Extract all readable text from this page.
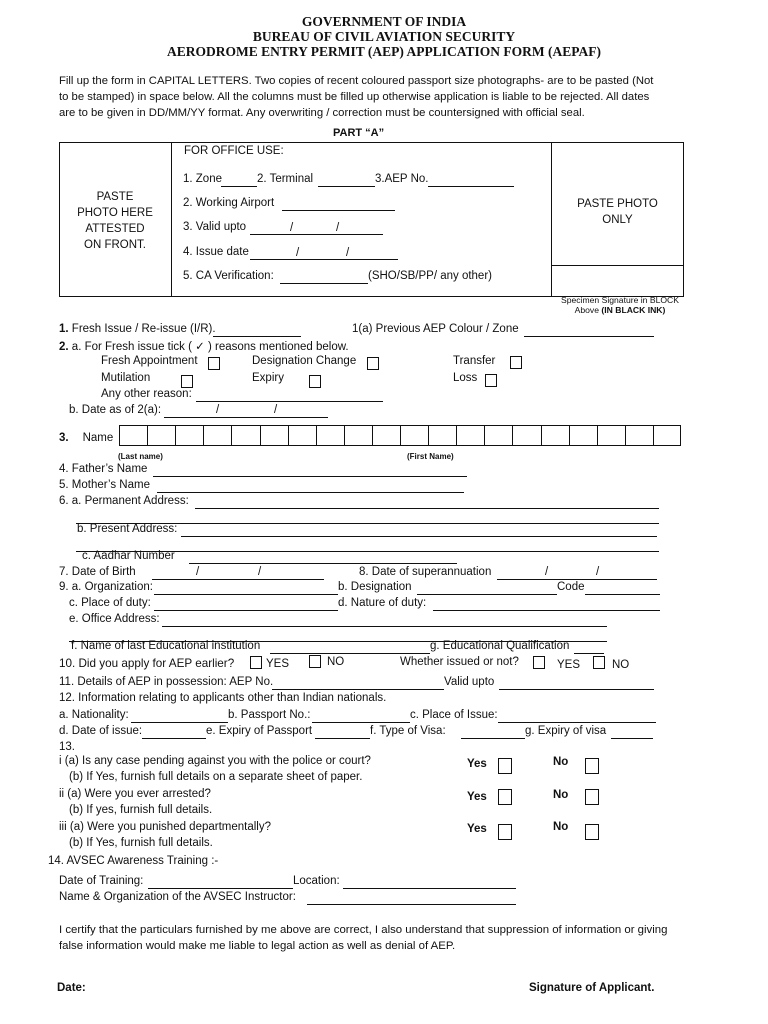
GOVERNMENT OF INDIA
BUREAU OF CIVIL AVIATION SECURITY
AERODROME ENTRY PERMIT (AEP) APPLICATION FORM (AEPAF)
Fill up the form in CAPITAL LETTERS. Two copies of recent coloured passport size photographs- are to be pasted (Not to be stamped) in space below. All the columns must be filled up otherwise application is liable to be rejected. All dates are to be given in DD/MM/YY format. Any overwriting / correction must be countersigned with official seal.
PART “A”
PASTE
PHOTO HERE
ATTESTED
ON FRONT.
FOR OFFICE USE:
1. Zone	2. Terminal	3.AEP No.
2. Working Airport
3. Valid upto	/	/
4. Issue date	/	/
5. CA Verification:	(SHO/SB/PP/ any other)
PASTE PHOTO
ONLY
Specimen Signature in BLOCK
Above (IN BLACK INK)
1. Fresh Issue / Re-issue (I/R).	1(a) Previous AEP Colour / Zone
2. a. For Fresh issue tick ( ✓ ) reasons mentioned below.
Fresh Appointment	Designation Change	Transfer
Mutilation	Expiry	Loss
Any other reason:
b. Date as of 2(a):	/	/
3. Name
(Last name)	(First Name)
4. Father’s Name
5. Mother’s Name
6. a. Permanent Address:
b. Present Address:
c. Aadhar Number
7. Date of Birth	/	/	8. Date of superannuation	/	/
9. a. Organization:	b. Designation	Code
c. Place of duty:	d. Nature of duty:
e. Office Address:
f. Name of last Educational institution	g. Educational Qualification
10. Did you apply for AEP earlier?	YES	NO	Whether issued or not?	YES	NO
11. Details of AEP in possession: AEP No.	Valid upto
12. Information relating to applicants other than Indian nationals.
a. Nationality:	b. Passport No.:	c. Place of Issue:
d. Date of issue:	e. Expiry of Passport	f. Type of Visa:	g. Expiry of visa
13.
i (a) Is any case pending against you with the police or court?
(b) If Yes, furnish full details on a separate sheet of paper.
Yes	No
ii (a) Were you ever arrested?
(b) If yes, furnish full details.
Yes	No
iii (a) Were you punished departmentally?
(b) If Yes, furnish full details.
Yes	No
14. AVSEC Awareness Training :-
Date of Training:	Location:
Name & Organization of the AVSEC Instructor:
I certify that the particulars furnished by me above are correct, I also understand that suppression of information or giving false information would make me liable to legal action as well as denial of AEP.
Date:	Signature of Applicant.
